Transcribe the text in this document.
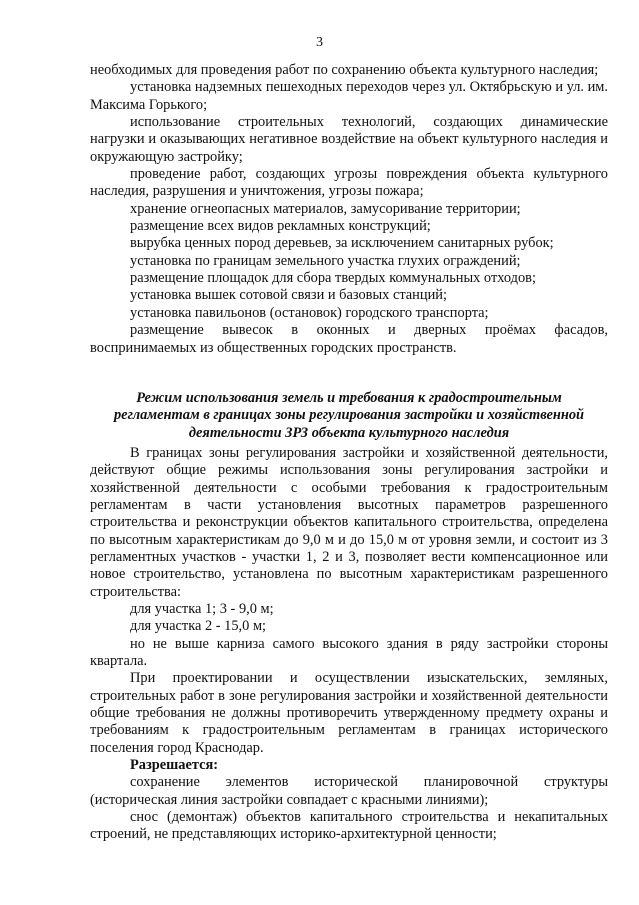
3

необходимых для проведения работ по сохранению объекта культурного наследия;

установка надземных пешеходных переходов через ул. Октябрьскую и ул. им. Максима Горького;

использование строительных технологий, создающих динамические нагрузки и оказывающих негативное воздействие на объект культурного наследия и окружающую застройку;

проведение работ, создающих угрозы повреждения объекта культурного наследия, разрушения и уничтожения, угрозы пожара;

хранение огнеопасных материалов, замусоривание территории;

размещение всех видов рекламных конструкций;

вырубка ценных пород деревьев, за исключением санитарных рубок;

установка по границам земельного участка глухих ограждений;

размещение площадок для сбора твердых коммунальных отходов;

установка вышек сотовой связи и базовых станций;

установка павильонов (остановок) городского транспорта;

размещение вывесок в оконных и дверных проёмах фасадов, воспринимаемых из общественных городских пространств.

Режим использования земель и требования к градостроительным
регламентам в границах зоны регулирования застройки и хозяйственной
деятельности ЗРЗ объекта культурного наследия

В границах зоны регулирования застройки и хозяйственной деятельности, действуют общие режимы использования зоны регулирования застройки и хозяйственной деятельности с особыми требования к градостроительным регламентам в части установления высотных параметров разрешенного строительства и реконструкции объектов капитального строительства, определена по высотным характеристикам до 9,0 м и до 15,0 м от уровня земли, и состоит из 3 регламентных участков - участки 1, 2 и 3, позволяет вести компенсационное или новое строительство, установлена по высотным характеристикам разрешенного строительства:

для участка 1; 3 - 9,0 м;

для участка 2 - 15,0 м;

но не выше карниза самого высокого здания в ряду застройки стороны квартала.

При проектировании и осуществлении изыскательских, земляных, строительных работ в зоне регулирования застройки и хозяйственной деятельности общие требования не должны противоречить утвержденному предмету охраны и требованиям к градостроительным регламентам в границах исторического поселения город Краснодар.

Разрешается:

сохранение элементов исторической планировочной структуры (историческая линия застройки совпадает с красными линиями);

снос (демонтаж) объектов капитального строительства и некапитальных строений, не представляющих историко-архитектурной ценности;
